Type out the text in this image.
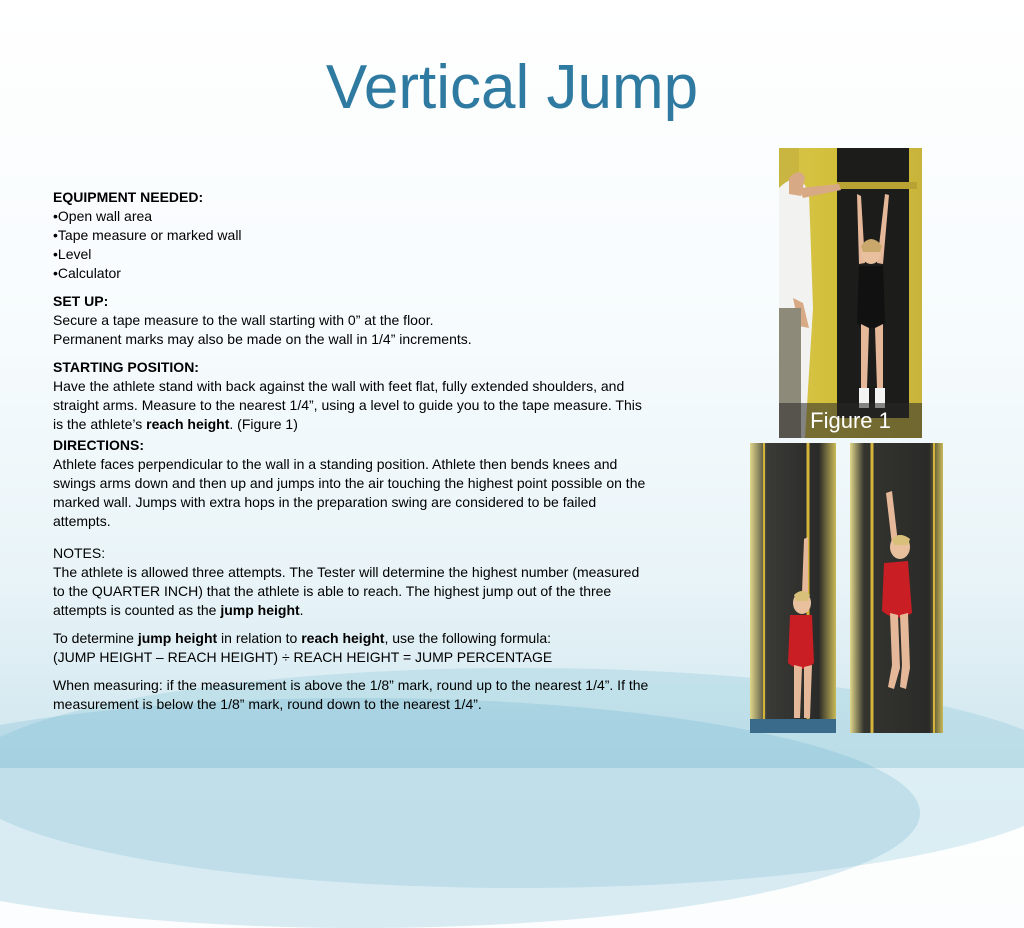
Vertical Jump

EQUIPMENT NEEDED:

•Open wall area

•Tape measure or marked wall

•Level

•Calculator

SET UP:

Secure a tape measure to the wall starting with 0” at the floor.

Permanent marks may also be made on the wall in 1/4” increments.

STARTING POSITION:

Have the athlete stand with back against the wall with feet flat, fully extended shoulders, and straight arms. Measure to the nearest 1/4”, using a level to guide you to the tape measure. This is the athlete’s reach height. (Figure 1)

DIRECTIONS:

Athlete faces perpendicular to the wall in a standing position. Athlete then bends knees and swings arms down and then up and jumps into the air touching the highest point possible on the marked wall. Jumps with extra hops in the preparation swing are considered to be failed attempts.

NOTES:

The athlete is allowed three attempts. The Tester will determine the highest number (measured to the QUARTER INCH) that the athlete is able to reach. The highest jump out of the three attempts is counted as the jump height.

To determine jump height in relation to reach height, use the following formula:

(JUMP HEIGHT – REACH HEIGHT) ÷ REACH HEIGHT = JUMP PERCENTAGE

When measuring: if the measurement is above the 1/8” mark, round up to the nearest 1/4”. If the measurement is below the 1/8” mark, round down to the nearest 1/4”.

Figure 1
